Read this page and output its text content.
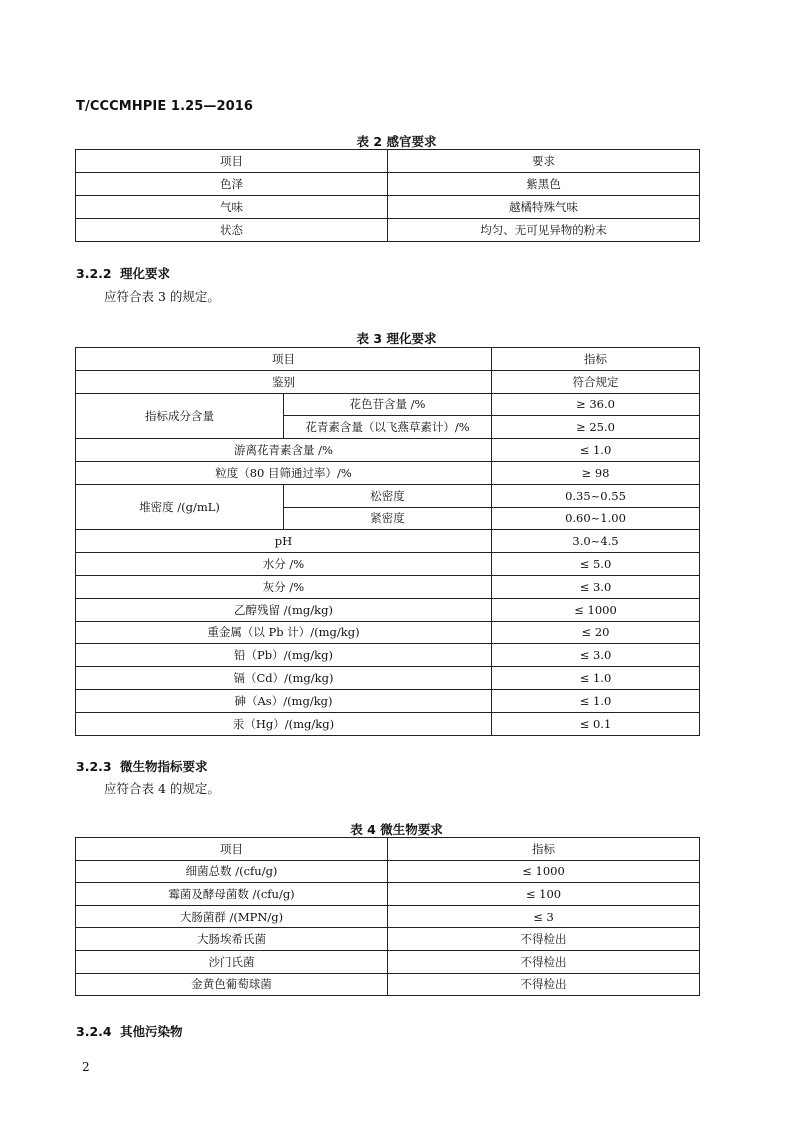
T/CCCMHPIE 1.25—2016
表 2 感官要求
项目	要求
色泽	紫黑色
气味	越橘特殊气味
状态	均匀、无可见异物的粉末
3.2.2 理化要求
应符合表 3 的规定。
表 3 理化要求
项目		指标
鉴别		符合规定
指标成分含量	花色苷含量 /%	≥ 36.0
	花青素含量（以飞燕草素计）/%	≥ 25.0
游离花青素含量 /%		≤ 1.0
粒度（80 目筛通过率）/%		≥ 98
堆密度 /(g/mL)	松密度	0.35~0.55
	紧密度	0.60~1.00
pH		3.0~4.5
水分 /%		≤ 5.0
灰分 /%		≤ 3.0
乙醇残留 /(mg/kg)		≤ 1000
重金属（以 Pb 计）/(mg/kg)		≤ 20
铅（Pb）/(mg/kg)		≤ 3.0
镉（Cd）/(mg/kg)		≤ 1.0
砷（As）/(mg/kg)		≤ 1.0
汞（Hg）/(mg/kg)		≤ 0.1
3.2.3 微生物指标要求
应符合表 4 的规定。
表 4 微生物要求
项目	指标
细菌总数 /(cfu/g)	≤ 1000
霉菌及酵母菌数 /(cfu/g)	≤ 100
大肠菌群 /(MPN/g)	≤ 3
大肠埃希氏菌	不得检出
沙门氏菌	不得检出
金黄色葡萄球菌	不得检出
3.2.4 其他污染物
2
